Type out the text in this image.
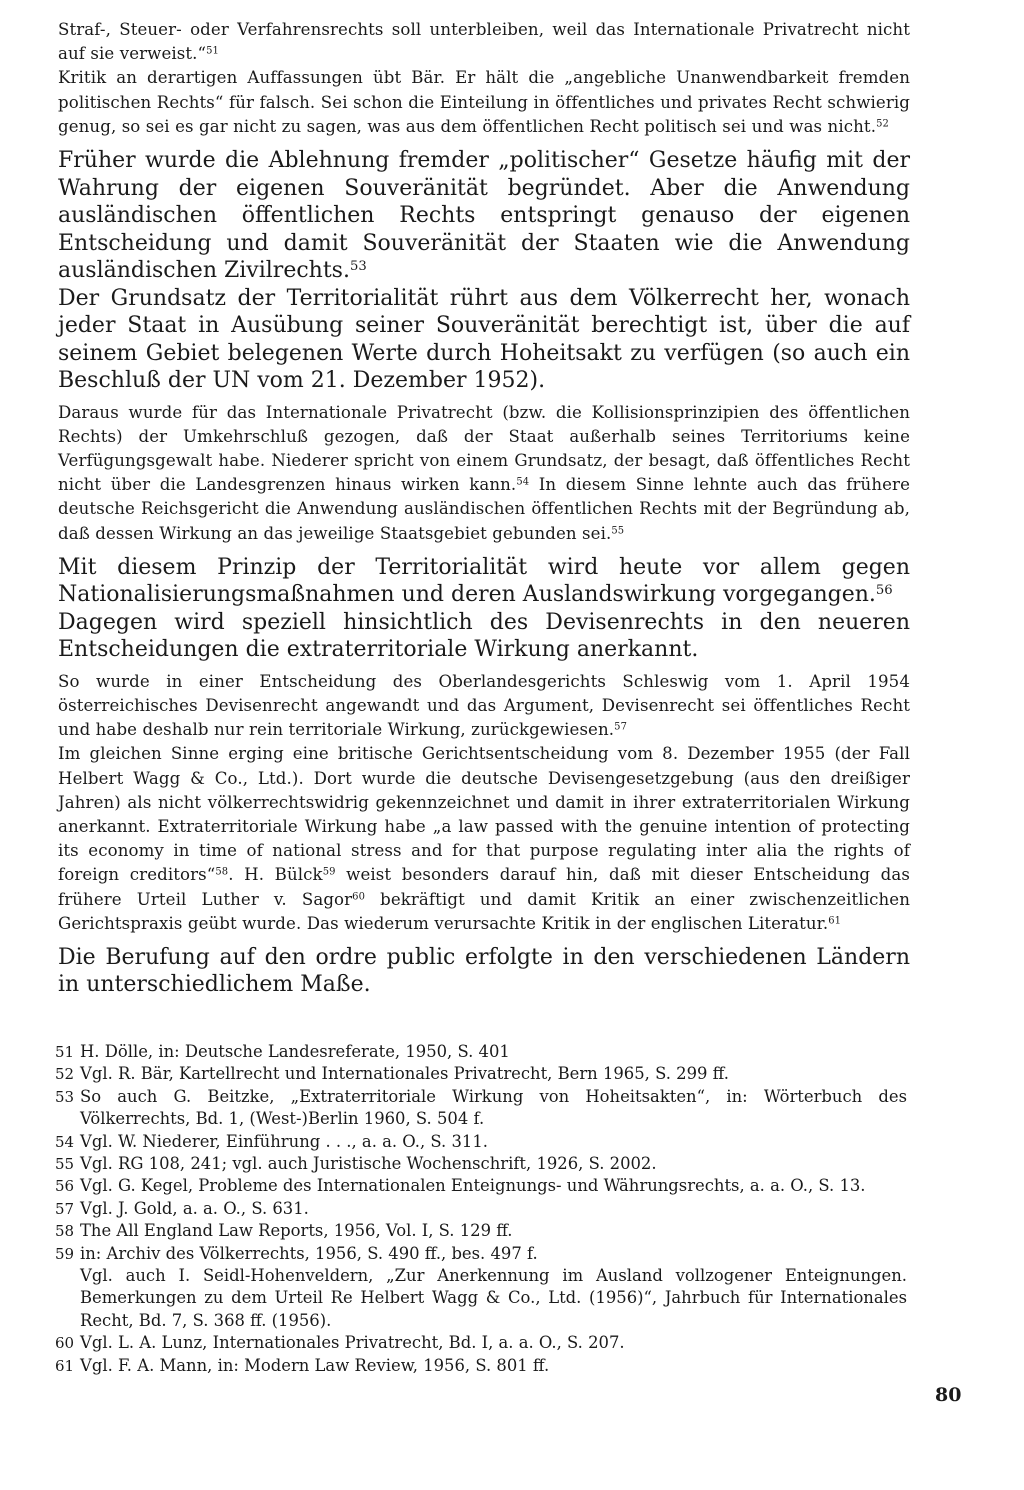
Straf-, Steuer- oder Verfahrensrechts soll unterbleiben, weil das Internationale Privatrecht nicht auf sie verweist.“$^{51}$

Kritik an derartigen Auffassungen übt Bär. Er hält die „angebliche Unanwendbarkeit fremden politischen Rechts“ für falsch. Sei schon die Einteilung in öffentliches und privates Recht schwierig genug, so sei es gar nicht zu sagen, was aus dem öffentlichen Recht politisch sei und was nicht.$^{52}$

Früher wurde die Ablehnung fremder „politischer“ Gesetze häufig mit der Wahrung der eigenen Souveränität begründet. Aber die Anwendung ausländischen öffentlichen Rechts entspringt genauso der eigenen Entscheidung und damit Souveränität der Staaten wie die Anwendung ausländischen Zivilrechts.$^{53}$

Der Grundsatz der Territorialität rührt aus dem Völkerrecht her, wonach jeder Staat in Ausübung seiner Souveränität berechtigt ist, über die auf seinem Gebiet belegenen Werte durch Hoheitsakt zu verfügen (so auch ein Beschluß der UN vom 21. Dezember 1952).

Daraus wurde für das Internationale Privatrecht (bzw. die Kollisionsprinzipien des öffentlichen Rechts) der Umkehrschluß gezogen, daß der Staat außerhalb seines Territoriums keine Verfügungsgewalt habe. Niederer spricht von einem Grundsatz, der besagt, daß öffentliches Recht nicht über die Landesgrenzen hinaus wirken kann.$^{54}$ In diesem Sinne lehnte auch das frühere deutsche Reichsgericht die Anwendung ausländischen öffentlichen Rechts mit der Begründung ab, daß dessen Wirkung an das jeweilige Staatsgebiet gebunden sei.$^{55}$

Mit diesem Prinzip der Territorialität wird heute vor allem gegen Nationalisierungsmaßnahmen und deren Auslandswirkung vorgegangen.$^{56}$

Dagegen wird speziell hinsichtlich des Devisenrechts in den neueren Entscheidungen die extraterritoriale Wirkung anerkannt.

So wurde in einer Entscheidung des Oberlandesgerichts Schleswig vom 1. April 1954 österreichisches Devisenrecht angewandt und das Argument, Devisenrecht sei öffentliches Recht und habe deshalb nur rein territoriale Wirkung, zurückgewiesen.$^{57}$

Im gleichen Sinne erging eine britische Gerichtsentscheidung vom 8. Dezember 1955 (der Fall Helbert Wagg & Co., Ltd.). Dort wurde die deutsche Devisengesetzgebung (aus den dreißiger Jahren) als nicht völkerrechtswidrig gekennzeichnet und damit in ihrer extraterritorialen Wirkung anerkannt. Extraterritoriale Wirkung habe „a law passed with the genuine intention of protecting its economy in time of national stress and for that purpose regulating inter alia the rights of foreign creditors“$^{58}$. H. Bülck$^{59}$ weist besonders darauf hin, daß mit dieser Entscheidung das frühere Urteil Luther v. Sagor$^{60}$ bekräftigt und damit Kritik an einer zwischenzeitlichen Gerichtspraxis geübt wurde. Das wiederum verursachte Kritik in der englischen Literatur.$^{61}$

Die Berufung auf den ordre public erfolgte in den verschiedenen Ländern in unterschiedlichem Maße.

51 H. Dölle, in: Deutsche Landesreferate, 1950, S. 401
52 Vgl. R. Bär, Kartellrecht und Internationales Privatrecht, Bern 1965, S. 299 ff.
53 So auch G. Beitzke, „Extraterritoriale Wirkung von Hoheitsakten“, in: Wörterbuch des Völkerrechts, Bd. 1, (West-)Berlin 1960, S. 504 f.
54 Vgl. W. Niederer, Einführung . . ., a. a. O., S. 311.
55 Vgl. RG 108, 241; vgl. auch Juristische Wochenschrift, 1926, S. 2002.
56 Vgl. G. Kegel, Probleme des Internationalen Enteignungs- und Währungsrechts, a. a. O., S. 13.
57 Vgl. J. Gold, a. a. O., S. 631.
58 The All England Law Reports, 1956, Vol. I, S. 129 ff.
59 in: Archiv des Völkerrechts, 1956, S. 490 ff., bes. 497 f.

Vgl. auch I. Seidl-Hohenveldern, „Zur Anerkennung im Ausland vollzogener Enteignungen. Bemerkungen zu dem Urteil Re Helbert Wagg & Co., Ltd. (1956)“, Jahrbuch für Internationales Recht, Bd. 7, S. 368 ff. (1956).

60 Vgl. L. A. Lunz, Internationales Privatrecht, Bd. I, a. a. O., S. 207.
61 Vgl. F. A. Mann, in: Modern Law Review, 1956, S. 801 ff.
80
